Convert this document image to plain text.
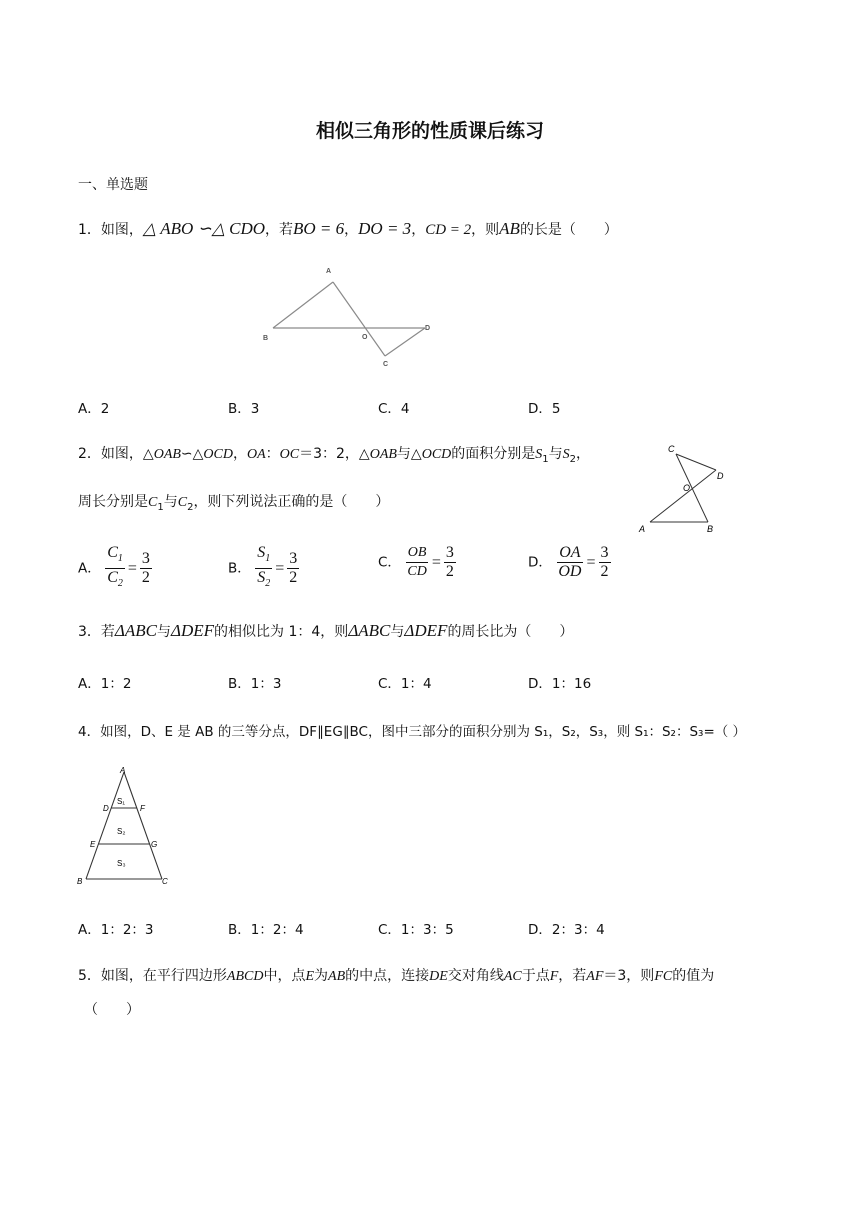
相似三角形的性质课后练习
一、单选题
1．如图，△ ABO ∽△ CDO，若BO = 6，DO = 3，CD = 2，则AB的长是（　　）
A
B	O
C
D
A．2	B．3	C．4	D．5
2．如图，△OAB∽△OCD，OA：OC＝3：2，△OAB与△OCD的面积分别是$S_1$与$S_2$，
周长分别是$C_1$与$C_2$，则下列说法正确的是（　　）
C
D
O
A	B
A． $\frac{C_1}{C_2} = \frac{3}{2}$	B． $\frac{S_1}{S_2} = \frac{3}{2}$	C． $\frac{OB}{CD} = \frac{3}{2}$	D． $\frac{OA}{OD} = \frac{3}{2}$
3．若ΔABC与ΔDEF的相似比为 1：4，则ΔABC与ΔDEF的周长比为（　　）
A．1：2	B．1：3	C．1：4	D．1：16
4．如图，D、E 是 AB 的三等分点，DF∥EG∥BC，图中三部分的面积分别为 S₁，S₂，S₃，则 S₁：S₂：S₃=（ ）
A
D	F
E	G
B	C
S₁
S₂
S₃
A．1：2：3	B．1：2：4	C．1：3：5	D．2：3：4
5．如图，在平行四边形ABCD中，点E为AB的中点，连接DE交对角线AC于点F，若AF＝3，则FC的值为
（　　）
